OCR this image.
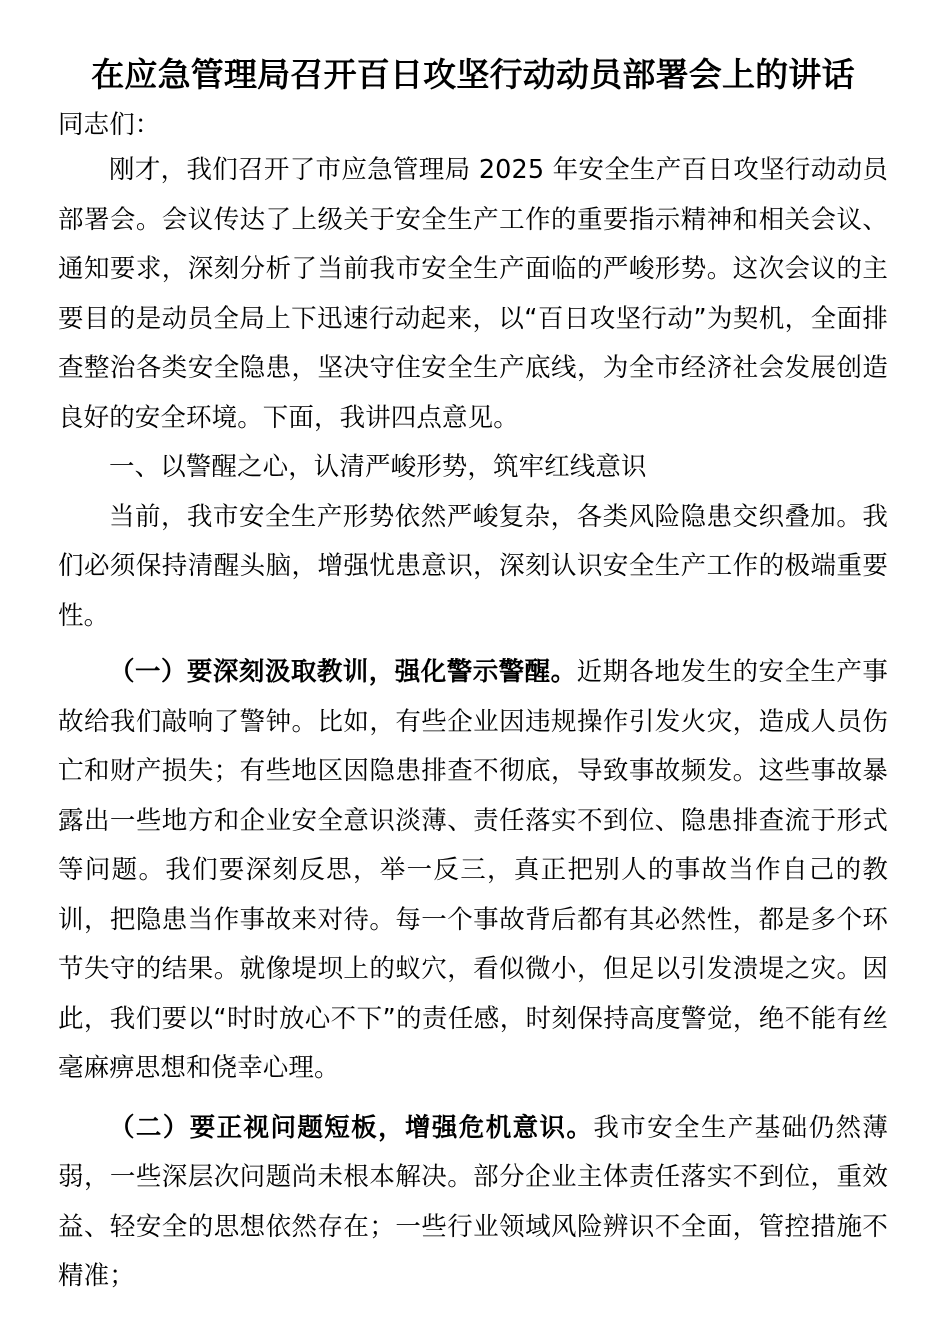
在应急管理局召开百日攻坚行动动员部署会上的讲话

同志们：

刚才，我们召开了市应急管理局 2025 年安全生产百日攻坚行动动员部署会。会议传达了上级关于安全生产工作的重要指示精神和相关会议、通知要求，深刻分析了当前我市安全生产面临的严峻形势。这次会议的主要目的是动员全局上下迅速行动起来，以“百日攻坚行动”为契机，全面排查整治各类安全隐患，坚决守住安全生产底线，为全市经济社会发展创造良好的安全环境。下面，我讲四点意见。

一、以警醒之心，认清严峻形势，筑牢红线意识

当前，我市安全生产形势依然严峻复杂，各类风险隐患交织叠加。我们必须保持清醒头脑，增强忧患意识，深刻认识安全生产工作的极端重要性。

（一）要深刻汲取教训，强化警示警醒。近期各地发生的安全生产事故给我们敲响了警钟。比如，有些企业因违规操作引发火灾，造成人员伤亡和财产损失；有些地区因隐患排查不彻底，导致事故频发。这些事故暴露出一些地方和企业安全意识淡薄、责任落实不到位、隐患排查流于形式等问题。我们要深刻反思，举一反三，真正把别人的事故当作自己的教训，把隐患当作事故来对待。每一个事故背后都有其必然性，都是多个环节失守的结果。就像堤坝上的蚁穴，看似微小，但足以引发溃堤之灾。因此，我们要以“时时放心不下”的责任感，时刻保持高度警觉，绝不能有丝毫麻痹思想和侥幸心理。

（二）要正视问题短板，增强危机意识。我市安全生产基础仍然薄弱，一些深层次问题尚未根本解决。部分企业主体责任落实不到位，重效益、轻安全的思想依然存在；一些行业领域风险辨识不全面，管控措施不精准；
